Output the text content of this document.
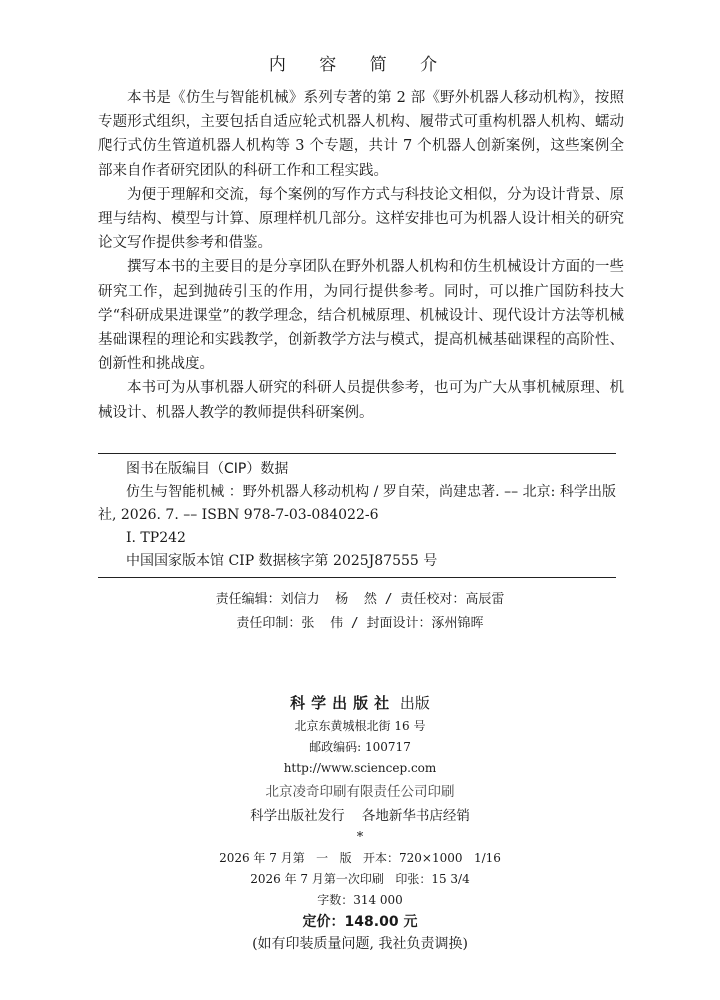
内 容 简 介

本书是《仿生与智能机械》系列专著的第 2 部《野外机器人移动机构》，按照专题形式组织，主要包括自适应轮式机器人机构、履带式可重构机器人机构、蠕动爬行式仿生管道机器人机构等 3 个专题，共计 7 个机器人创新案例，这些案例全部来自作者研究团队的科研工作和工程实践。

为便于理解和交流，每个案例的写作方式与科技论文相似，分为设计背景、原理与结构、模型与计算、原理样机几部分。这样安排也可为机器人设计相关的研究论文写作提供参考和借鉴。

撰写本书的主要目的是分享团队在野外机器人机构和仿生机械设计方面的一些研究工作，起到抛砖引玉的作用，为同行提供参考。同时，可以推广国防科技大学“科研成果进课堂”的教学理念，结合机械原理、机械设计、现代设计方法等机械基础课程的理论和实践教学，创新教学方法与模式，提高机械基础课程的高阶性、创新性和挑战度。

本书可为从事机器人研究的科研人员提供参考，也可为广大从事机械原理、机械设计、机器人教学的教师提供科研案例。

图书在版编目（CIP）数据
仿生与智能机械 ：野外机器人移动机构 / 罗自荣，尚建忠著. –– 北京: 科学出版社, 2026. 7. –– ISBN 978-7-03-084022-6
Ⅰ. TP242
中国国家版本馆 CIP 数据核字第 2025J87555 号
责任编辑：刘信力  杨  然 / 责任校对：高辰雷
责任印制：张  伟 / 封面设计：涿州锦晖
科学出版社 出版
北京东黄城根北街 16 号
邮政编码: 100717
http://www.sciencep.com
北京凌奇印刷有限责任公司印刷
科学出版社发行    各地新华书店经销
*
2026 年 7 月第   一   版   开本：720×1000   1/16
2026 年 7 月第一次印刷   印张：15 3/4
字数：314 000
定价：148.00 元
(如有印装质量问题, 我社负责调换)
